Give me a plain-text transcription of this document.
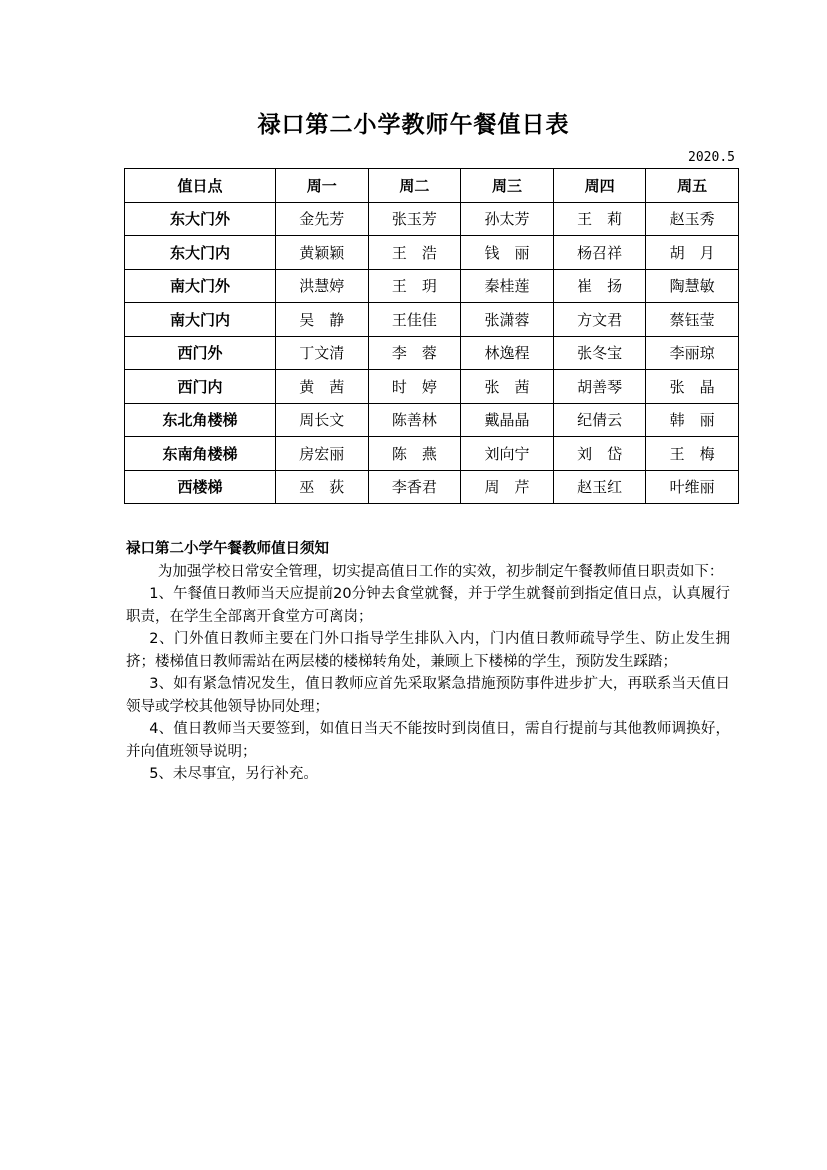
禄口第二小学教师午餐值日表
2020.5
值日点	周一	周二	周三	周四	周五
东大门外	金先芳	张玉芳	孙太芳	王　莉	赵玉秀
东大门内	黄颖颖	王　浩	钱　丽	杨召祥	胡　月
南大门外	洪慧婷	王　玥	秦桂莲	崔　扬	陶慧敏
南大门内	吴　静	王佳佳	张潇蓉	方文君	蔡钰莹
西门外	丁文清	李　蓉	林逸程	张冬宝	李丽琼
西门内	黄　茜	时　婷	张　茜	胡善琴	张　晶
东北角楼梯	周长文	陈善林	戴晶晶	纪倩云	韩　丽
东南角楼梯	房宏丽	陈　燕	刘向宁	刘　岱	王　梅
西楼梯	巫　荻	李香君	周　芹	赵玉红	叶维丽

禄口第二小学午餐教师值日须知

为加强学校日常安全管理，切实提高值日工作的实效，初步制定午餐教师值日职责如下：

1、午餐值日教师当天应提前20分钟去食堂就餐，并于学生就餐前到指定值日点，认真履行职责，在学生全部离开食堂方可离岗；

2、门外值日教师主要在门外口指导学生排队入内，门内值日教师疏导学生、防止发生拥挤；楼梯值日教师需站在两层楼的楼梯转角处，兼顾上下楼梯的学生，预防发生踩踏；

3、如有紧急情况发生，值日教师应首先采取紧急措施预防事件进步扩大，再联系当天值日领导或学校其他领导协同处理；

4、值日教师当天要签到，如值日当天不能按时到岗值日，需自行提前与其他教师调换好，并向值班领导说明；

5、未尽事宜，另行补充。
